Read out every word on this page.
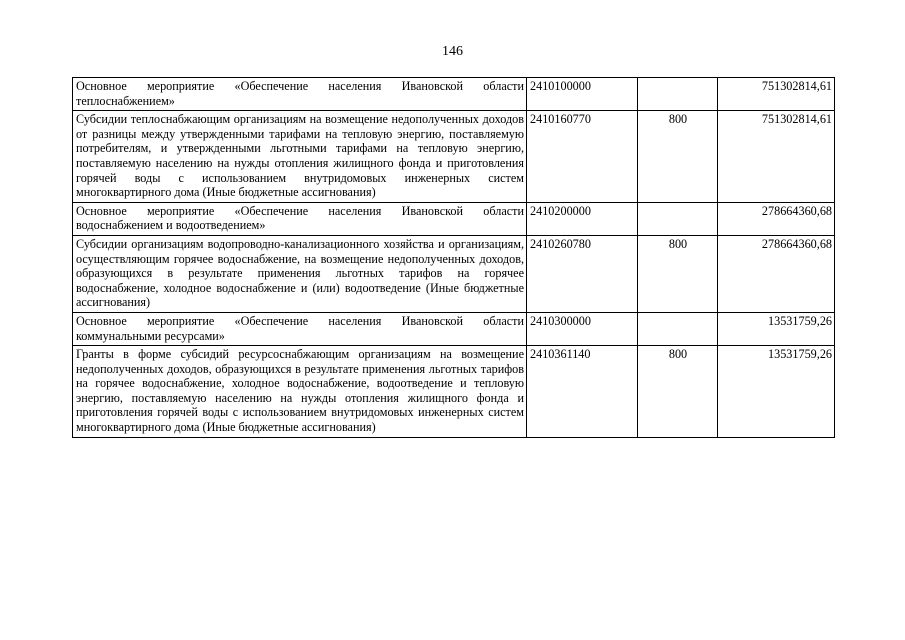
146
Основное мероприятие «Обеспечение населения Ивановской области теплоснабжением»	2410100000		751302814,61
Субсидии теплоснабжающим организациям на возмещение недополученных доходов от разницы между утвержденными тарифами на тепловую энергию, поставляемую потребителям, и утвержденными льготными тарифами на тепловую энергию, поставляемую населению на нужды отопления жилищного фонда и приготовления горячей воды с использованием внутридомовых инженерных систем многоквартирного дома (Иные бюджетные ассигнования)	2410160770	800	751302814,61
Основное мероприятие «Обеспечение населения Ивановской области водоснабжением и водоотведением»	2410200000		278664360,68
Субсидии организациям водопроводно-канализационного хозяйства и организациям, осуществляющим горячее водоснабжение, на возмещение недополученных доходов, образующихся в результате применения льготных тарифов на горячее водоснабжение, холодное водоснабжение и (или) водоотведение (Иные бюджетные ассигнования)	2410260780	800	278664360,68
Основное мероприятие «Обеспечение населения Ивановской области коммунальными ресурсами»	2410300000		13531759,26
Гранты в форме субсидий ресурсоснабжающим организациям на возмещение недополученных доходов, образующихся в результате применения льготных тарифов на горячее водоснабжение, холодное водоснабжение, водоотведение и тепловую энергию, поставляемую населению на нужды отопления жилищного фонда и приготовления горячей воды с использованием внутридомовых инженерных систем многоквартирного дома (Иные бюджетные ассигнования)	2410361140	800	13531759,26
